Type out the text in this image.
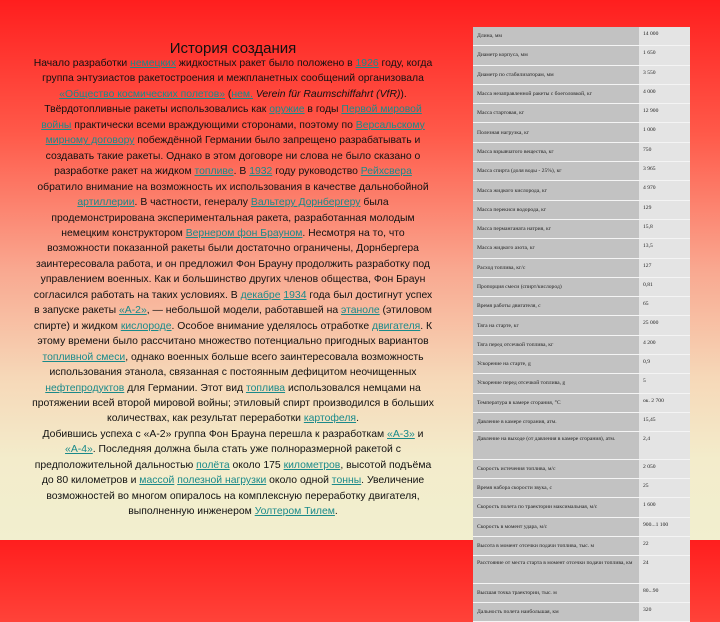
История создания
Начало разработки немецких жидкостных ракет было положено в 1926 году, когда группа энтузиастов ракетостроения и межпланетных сообщений организовала «Общество космических полетов» (нем. Verein für Raumschiffahrt (VfR)). Твёрдотопливные ракеты использовались как оружие в годы Первой мировой войны практически всеми враждующими сторонами, поэтому по Версальскому мирному договору побеждённой Германии было запрещено разрабатывать и создавать такие ракеты. Однако в этом договоре ни слова не было сказано о разработке ракет на жидком топливе. В 1932 году руководство Рейхсвера обратило внимание на возможность их использования в качестве дальнобойной артиллерии. В частности, генералу Вальтеру Дорнбергеру была продемонстрирована экспериментальная ракета, разработанная молодым немецким конструктором Вернером фон Брауном. Несмотря на то, что возможности показанной ракеты были достаточно ограничены, Дорнбергера заинтересовала работа, и он предложил Фон Брауну продолжить разработку под управлением военных. Как и большинство других членов общества, Фон Браун согласился работать на таких условиях. В декабре 1934 года был достигнут успех в запуске ракеты «А-2», — небольшой модели, работавшей на этаноле (этиловом спирте) и жидком кислороде. Особое внимание уделялось отработке двигателя. К этому времени было рассчитано множество потенциально пригодных вариантов топливной смеси, однако военных больше всего заинтересовала возможность использования этанола, связанная с постоянным дефицитом неочищенных нефтепродуктов для Германии. Этот вид топлива использовался немцами на протяжении всей второй мировой войны; этиловый спирт производился в больших количествах, как результат переработки картофеля.
Добившись успеха с «А-2» группа Фон Брауна перешла к разработкам «А-3» и «А-4». Последняя должна была стать уже полноразмерной ракетой с предположительной дальностью полёта около 175 километров, высотой подъёма до 80 километров и массой полезной нагрузки около одной тонны. Увеличение возможностей во многом опиралось на комплексную переработку двигателя, выполненную инженером Уолтером Тилем.
Длина, мм	14 000
Диаметр корпуса, мм	1 650
Диаметр по стабилизаторам, мм	3 550
Масса незаправленной ракеты с боеголовкой, кг	4 000
Масса стартовая, кг	12 900
Полезная нагрузка, кг	1 000
Масса взрывчатого вещества, кг	750
Масса спирта (доля воды - 25%), кг	3 965
Масса жидкого кислорода, кг	4 970
Масса перекиси водорода, кг	129
Масса перманганата натрия, кг	15,8
Масса жидкого азота, кг	13,5
Расход топлива, кг/с	127
Пропорция смеси (спирт/кислород)	0,81
Время работы двигателя, с	65
Тяга на старте, кг	25 000
Тяга перед отсечкой топлива, кг	4 200
Ускорение на старте, g	0,9
Ускорение перед отсечкой топлива, g	5
Температура в камере сгорания, °C	ок. 2 700
Давление в камере сгорания, атм.	15,45
Давление на выходе (от давления в камере сгорания), атм.	2,4
Скорость истечения топлива, м/с	2 050
Время набора скорости звука, с	25
Скорость полета по траектории максимальная, м/с	1 600
Скорость в момент удара, м/с	900...1 100
Высота в момент отсечки подачи топлива, тыс. м	22
Расстояние от места старта в момент отсечки подачи топлива, км	24
Высшая точка траектории, тыс. м	80...90
Дальность полета наибольшая, км	320
